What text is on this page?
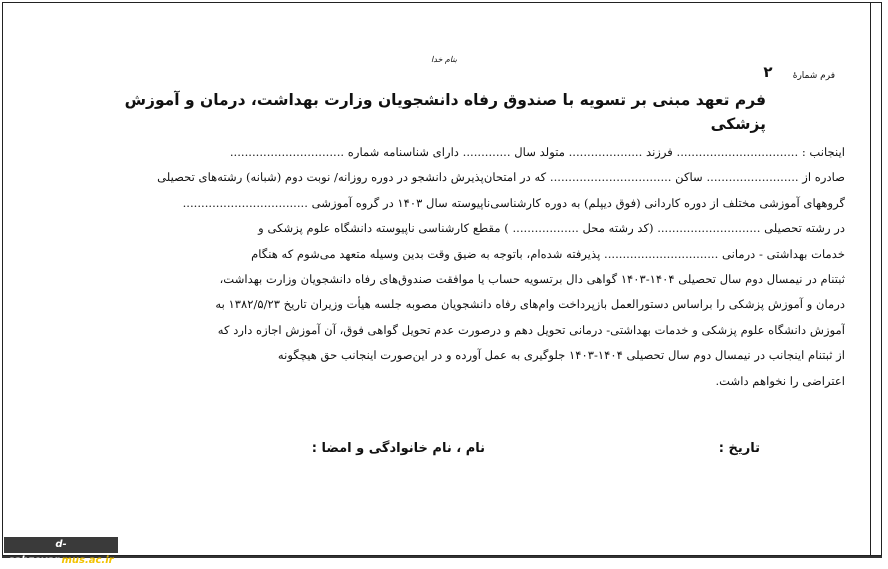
بنام خدا
فرم شمارۀ
۲
فرم تعهد مبنی بر تسویه با صندوق رفاه دانشجویان وزارت بهداشت، درمان و آموزش پزشکی
اینجانب : ................................. فرزند .................... متولد سال ............. دارای شناسنامه شماره ...............................
صادره از ......................... ساکن ................................. که در امتحان‌پذیرش دانشجو در دوره روزانه/ نوبت دوم (شبانه) رشته‌های تحصیلی
گروههای آموزشی مختلف از دوره کاردانی (فوق دیپلم) به دوره کارشناسی‌ناپیوسته سال ۱۴۰۳ در گروه آموزشی ..................................
در رشته تحصیلی ............................ (کد رشته محل .................. ) مقطع کارشناسی ناپیوسته دانشگاه علوم پزشکی و
خدمات بهداشتی - درمانی ............................... پذیرفته شده‌ام، باتوجه به ضیق وقت بدین وسیله متعهد می‌شوم که هنگام
ثبتنام در نیمسال دوم سال تحصیلی ۱۴۰۴-۱۴۰۳ گواهی دال برتسویه حساب یا موافقت صندوق‌های رفاه دانشجویان وزارت بهداشت،
درمان و آموزش پزشکی را براساس دستورالعمل بازپرداخت وام‌های رفاه دانشجویان مصوبه جلسه هیأت وزیران تاریخ ۱۳۸۲/۵/۲۳ به
آموزش دانشگاه علوم پزشکی و خدمات بهداشتی- درمانی تحویل دهم و درصورت عدم تحویل گواهی فوق، آن آموزش اجازه دارد که
از ثبتنام اینجانب در نیمسال دوم سال تحصیلی ۱۴۰۴-۱۴۰۳ جلوگیری به عمل آورده و در این‌صورت اینجانب حق هیچگونه
اعتراضی را نخواهم داشت.
تاریخ :
نام ، نام خانوادگی و امضا :
d-sabzevar.mus.ac.ir
